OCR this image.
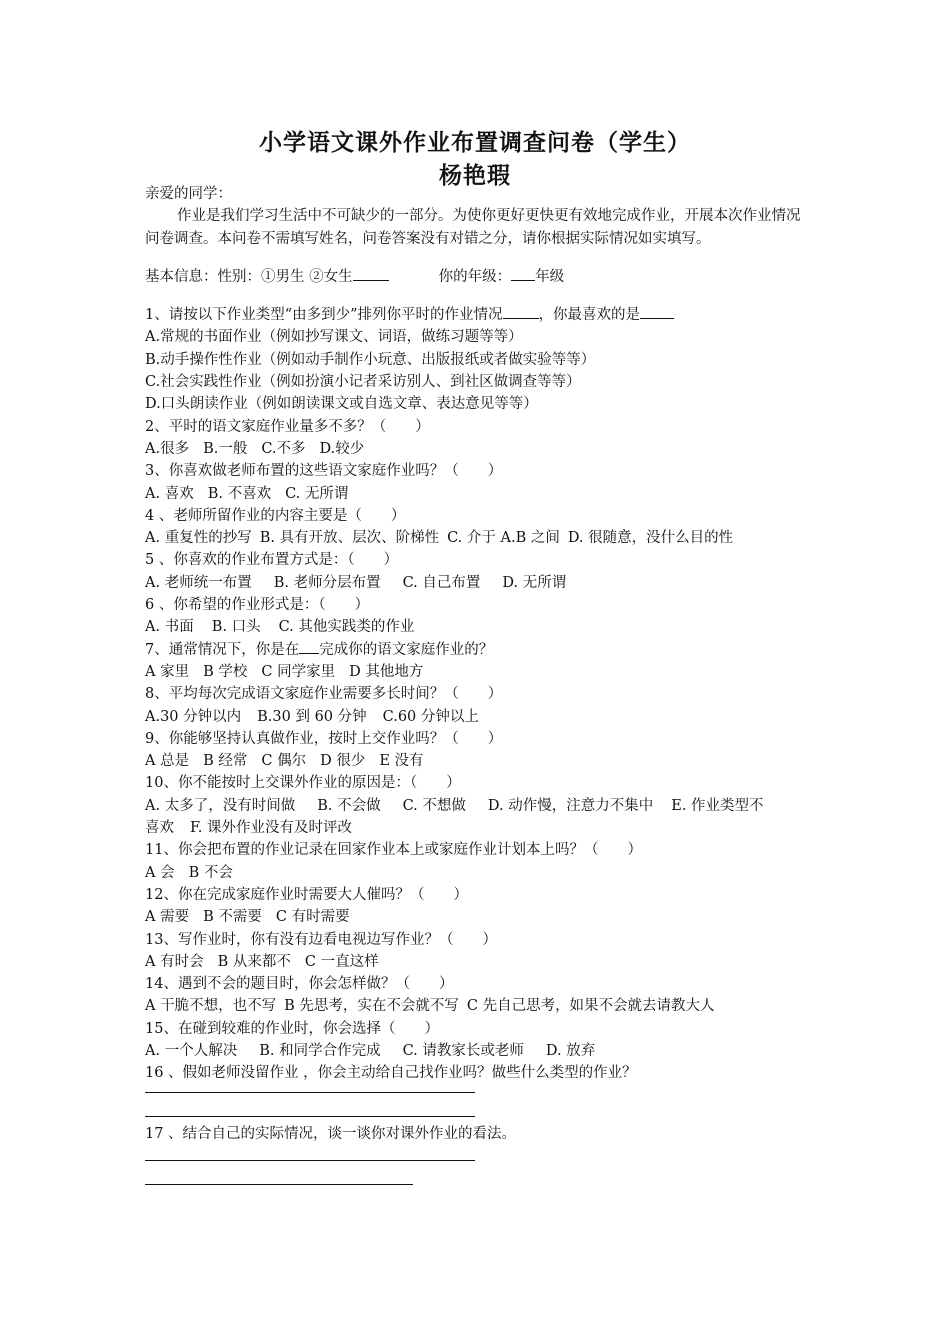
小学语文课外作业布置调查问卷（学生）
杨艳瑕
亲爱的同学：
作业是我们学习生活中不可缺少的一部分。为使你更好更快更有效地完成作业，开展本次作业情况问卷调查。本问卷不需填写姓名，问卷答案没有对错之分，请你根据实际情况如实填写。
基本信息：性别：①男生 ②女生	你的年级： 年级
1、请按以下作业类型“由多到少”排列你平时的作业情况 ，你最喜欢的是
A.常规的书面作业（例如抄写课文、词语，做练习题等等）
B.动手操作性作业（例如动手制作小玩意、出版报纸或者做实验等等）
C.社会实践性作业（例如扮演小记者采访别人、到社区做调查等等）
D.口头朗读作业（例如朗读课文或自选文章、表达意见等等）
2、平时的语文家庭作业量多不多？（　　）
A.很多 B.一般 C.不多 D.较少
3、你喜欢做老师布置的这些语文家庭作业吗？（　　）
A. 喜欢 B. 不喜欢 C. 无所谓
4 、老师所留作业的内容主要是（　　）
A. 重复性的抄写 B. 具有开放、层次、阶梯性 C. 介于 A.B 之间 D. 很随意，没什么目的性
5 、你喜欢的作业布置方式是：（　　）
A. 老师统一布置 B. 老师分层布置 C. 自己布置 D. 无所谓
6 、你希望的作业形式是：（　　）
A. 书面 B. 口头 C. 其他实践类的作业
7、通常情况下，你是在 完成你的语文家庭作业的？
A 家里 B 学校 C 同学家里 D 其他地方
8、平均每次完成语文家庭作业需要多长时间？（　　）
A.30 分钟以内 B.30 到 60 分钟 C.60 分钟以上
9、你能够坚持认真做作业，按时上交作业吗？（　　）
A 总是 B 经常 C 偶尔 D 很少 E 没有
10、你不能按时上交课外作业的原因是：（　　）
A. 太多了，没有时间做 B. 不会做 C. 不想做 D. 动作慢，注意力不集中 E. 作业类型不
喜欢 F. 课外作业没有及时评改
11、你会把布置的作业记录在回家作业本上或家庭作业计划本上吗？（　　）
A 会 B 不会
12、你在完成家庭作业时需要大人催吗？（　　）
A 需要 B 不需要 C 有时需要
13、写作业时，你有没有边看电视边写作业？（　　）
A 有时会 B 从来都不 C 一直这样
14、遇到不会的题目时，你会怎样做？（　　）
A 干脆不想，也不写 B 先思考，实在不会就不写 C 先自己思考，如果不会就去请教大人
15、在碰到较难的作业时，你会选择（　　）
A. 一个人解决 B. 和同学合作完成 C. 请教家长或老师 D. 放弃
16 、假如老师没留作业 ，你会主动给自己找作业吗？做些什么类型的作业？
17 、结合自己的实际情况，谈一谈你对课外作业的看法。
